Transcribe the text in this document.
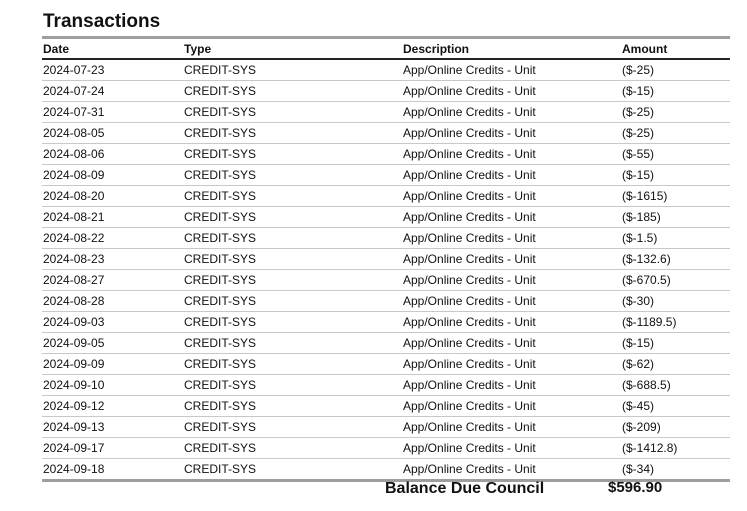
Transactions
Date	Type	Description	Amount
2024-07-23	CREDIT-SYS	App/Online Credits - Unit	($-25)
2024-07-24	CREDIT-SYS	App/Online Credits - Unit	($-15)
2024-07-31	CREDIT-SYS	App/Online Credits - Unit	($-25)
2024-08-05	CREDIT-SYS	App/Online Credits - Unit	($-25)
2024-08-06	CREDIT-SYS	App/Online Credits - Unit	($-55)
2024-08-09	CREDIT-SYS	App/Online Credits - Unit	($-15)
2024-08-20	CREDIT-SYS	App/Online Credits - Unit	($-1615)
2024-08-21	CREDIT-SYS	App/Online Credits - Unit	($-185)
2024-08-22	CREDIT-SYS	App/Online Credits - Unit	($-1.5)
2024-08-23	CREDIT-SYS	App/Online Credits - Unit	($-132.6)
2024-08-27	CREDIT-SYS	App/Online Credits - Unit	($-670.5)
2024-08-28	CREDIT-SYS	App/Online Credits - Unit	($-30)
2024-09-03	CREDIT-SYS	App/Online Credits - Unit	($-1189.5)
2024-09-05	CREDIT-SYS	App/Online Credits - Unit	($-15)
2024-09-09	CREDIT-SYS	App/Online Credits - Unit	($-62)
2024-09-10	CREDIT-SYS	App/Online Credits - Unit	($-688.5)
2024-09-12	CREDIT-SYS	App/Online Credits - Unit	($-45)
2024-09-13	CREDIT-SYS	App/Online Credits - Unit	($-209)
2024-09-17	CREDIT-SYS	App/Online Credits - Unit	($-1412.8)
2024-09-18	CREDIT-SYS	App/Online Credits - Unit	($-34)
Balance Due Council	$596.90
